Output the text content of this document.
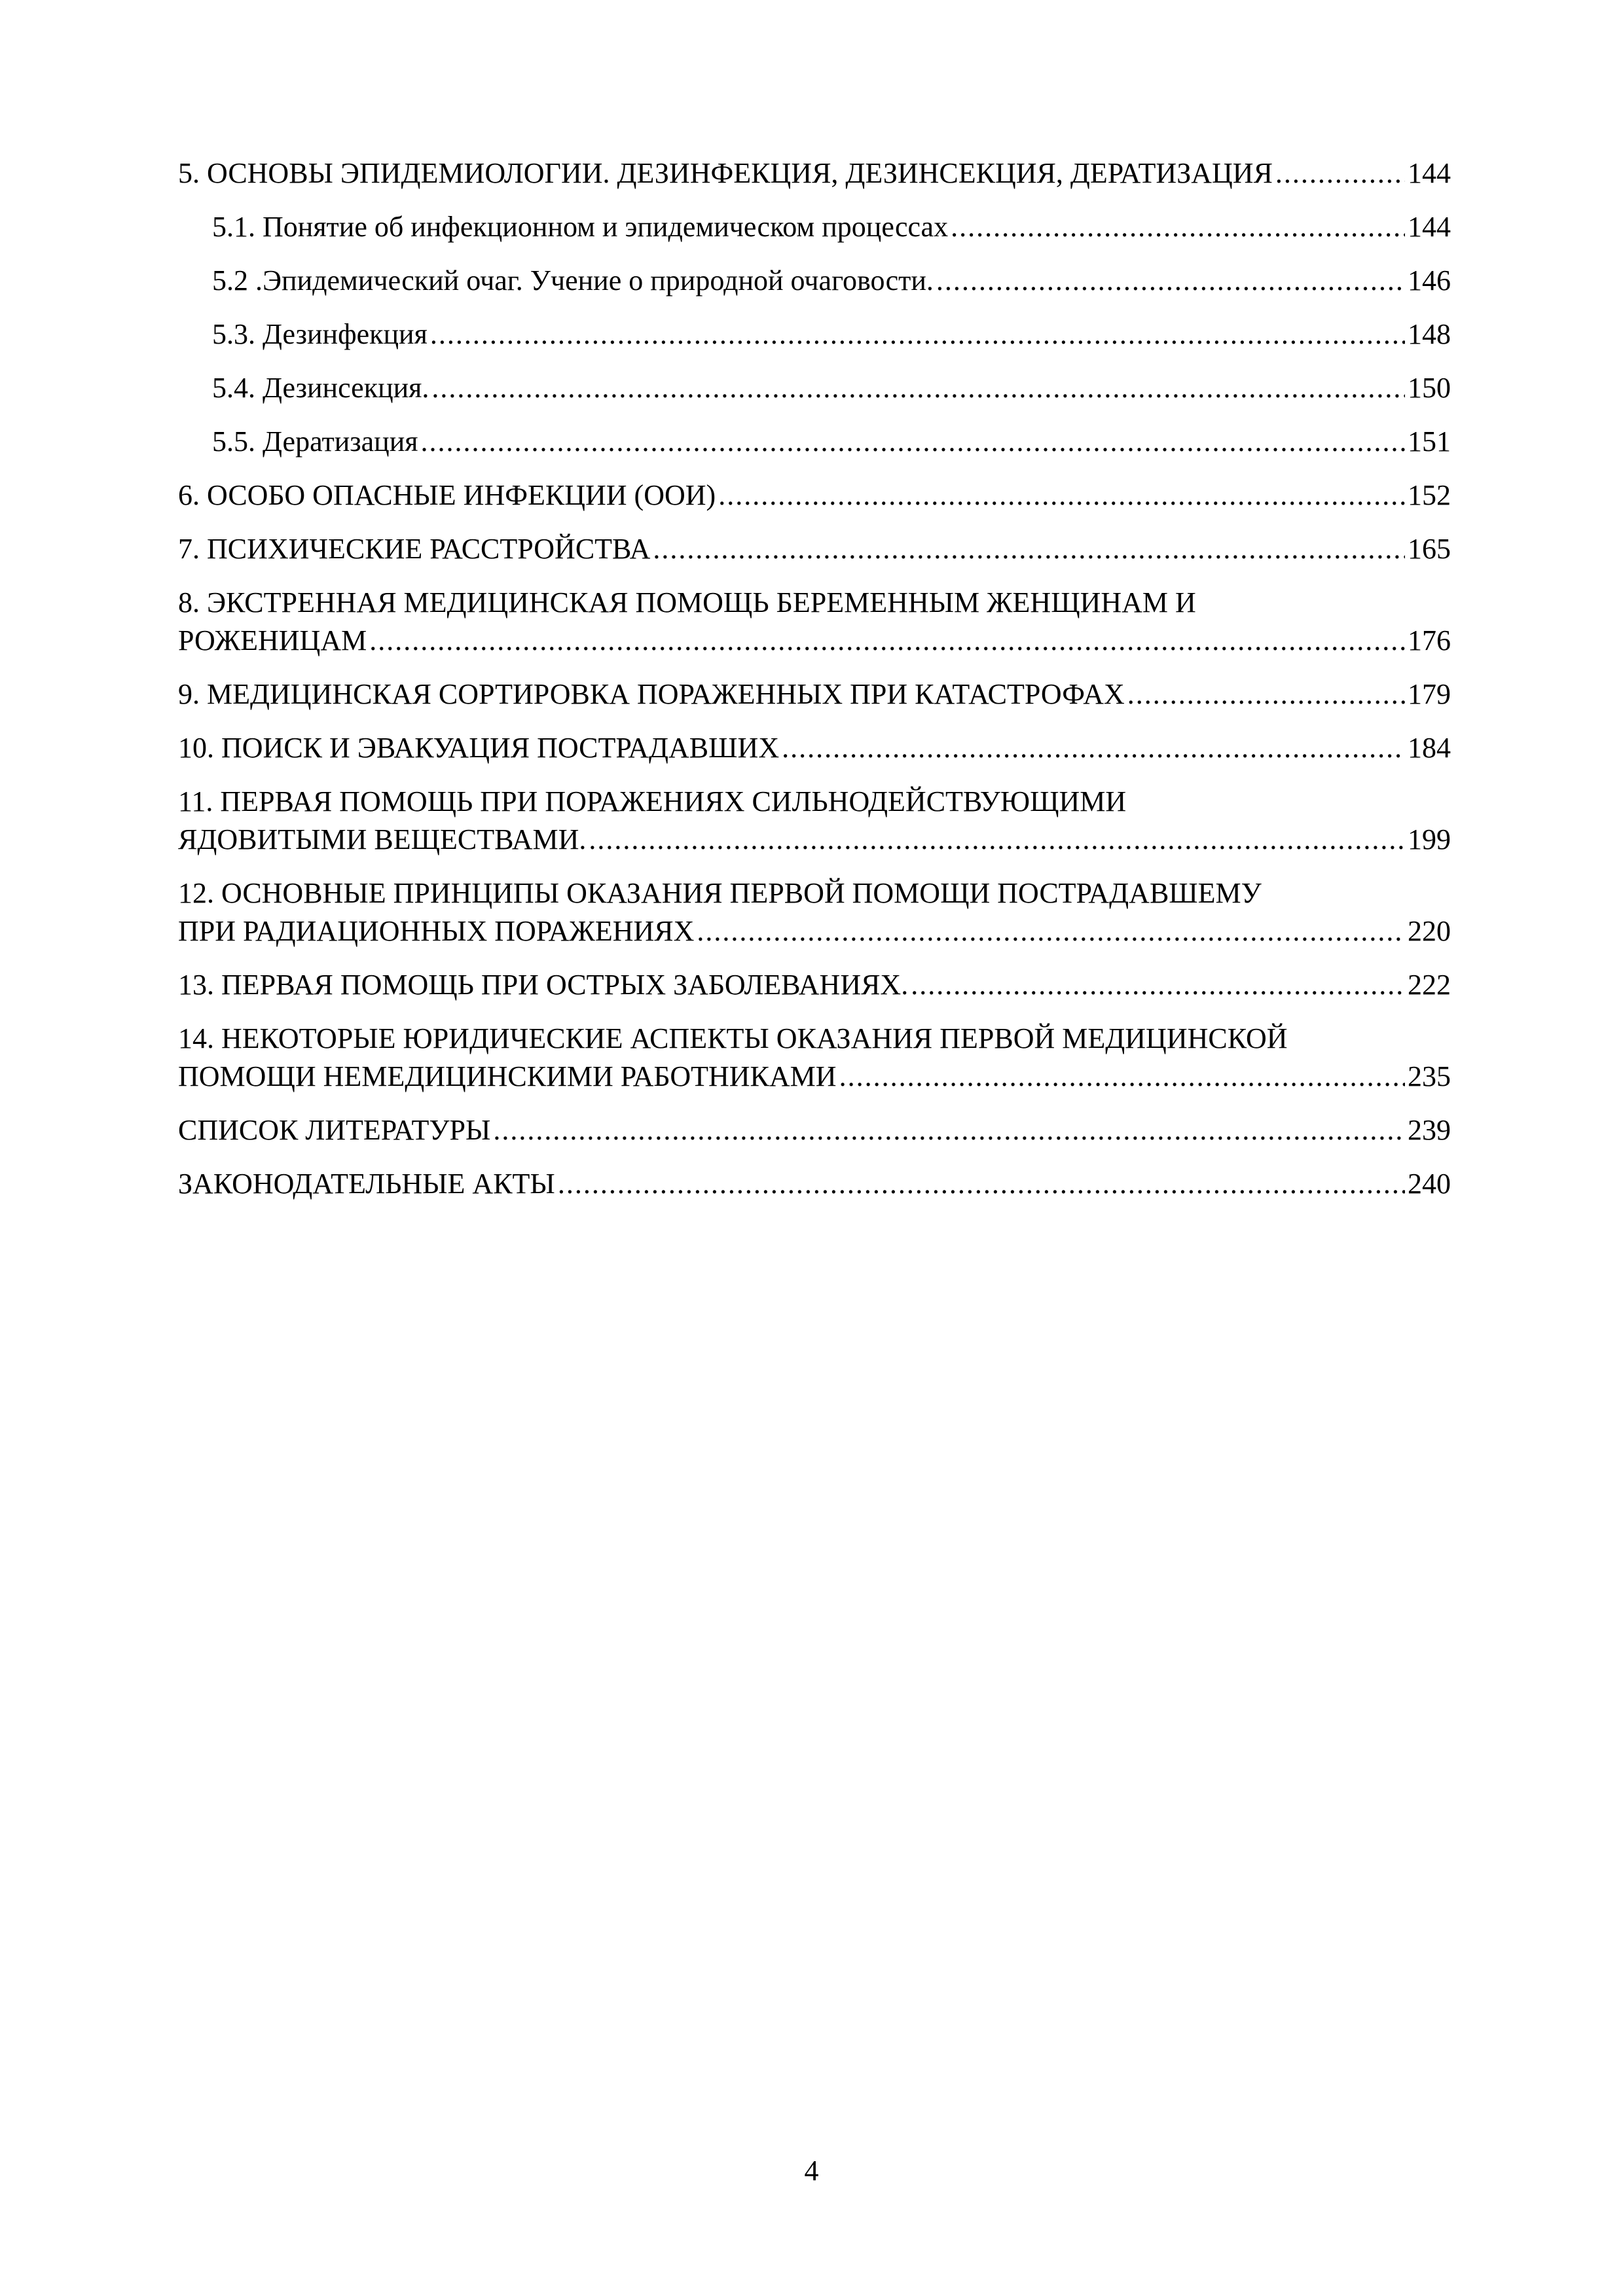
5. ОСНОВЫ ЭПИДЕМИОЛОГИИ. ДЕЗИНФЕКЦИЯ, ДЕЗИНСЕКЦИЯ, ДЕРАТИЗАЦИЯ .....	144
5.1. Понятие об инфекционном и эпидемическом процессах .....	144
5.2 .Эпидемический очаг. Учение о природной очаговости. .....	146
5.3. Дезинфекция .....	148
5.4. Дезинсекция. .....	150
5.5. Дератизация .....	151
6. ОСОБО ОПАСНЫЕ ИНФЕКЦИИ (ООИ) .....	152
7. ПСИХИЧЕСКИЕ РАССТРОЙСТВА .....	165
8. ЭКСТРЕННАЯ МЕДИЦИНСКАЯ ПОМОЩЬ БЕРЕМЕННЫМ ЖЕНЩИНАМ И
РОЖЕНИЦАМ .....	176
9. МЕДИЦИНСКАЯ СОРТИРОВКА ПОРАЖЕННЫХ ПРИ КАТАСТРОФАХ .....	179
10. ПОИСК И ЭВАКУАЦИЯ ПОСТРАДАВШИХ .....	184
11. ПЕРВАЯ ПОМОЩЬ ПРИ ПОРАЖЕНИЯХ СИЛЬНОДЕЙСТВУЮЩИМИ
ЯДОВИТЫМИ ВЕЩЕСТВАМИ. .....	199
12. ОСНОВНЫЕ ПРИНЦИПЫ ОКАЗАНИЯ ПЕРВОЙ ПОМОЩИ ПОСТРАДАВШЕМУ
ПРИ РАДИАЦИОННЫХ ПОРАЖЕНИЯХ .....	220
13. ПЕРВАЯ ПОМОЩЬ ПРИ ОСТРЫХ ЗАБОЛЕВАНИЯХ. .....	222
14. НЕКОТОРЫЕ ЮРИДИЧЕСКИЕ АСПЕКТЫ ОКАЗАНИЯ ПЕРВОЙ МЕДИЦИНСКОЙ
ПОМОЩИ НЕМЕДИЦИНСКИМИ РАБОТНИКАМИ .....	235
СПИСОК ЛИТЕРАТУРЫ .....	239
ЗАКОНОДАТЕЛЬНЫЕ АКТЫ .....	240
4
